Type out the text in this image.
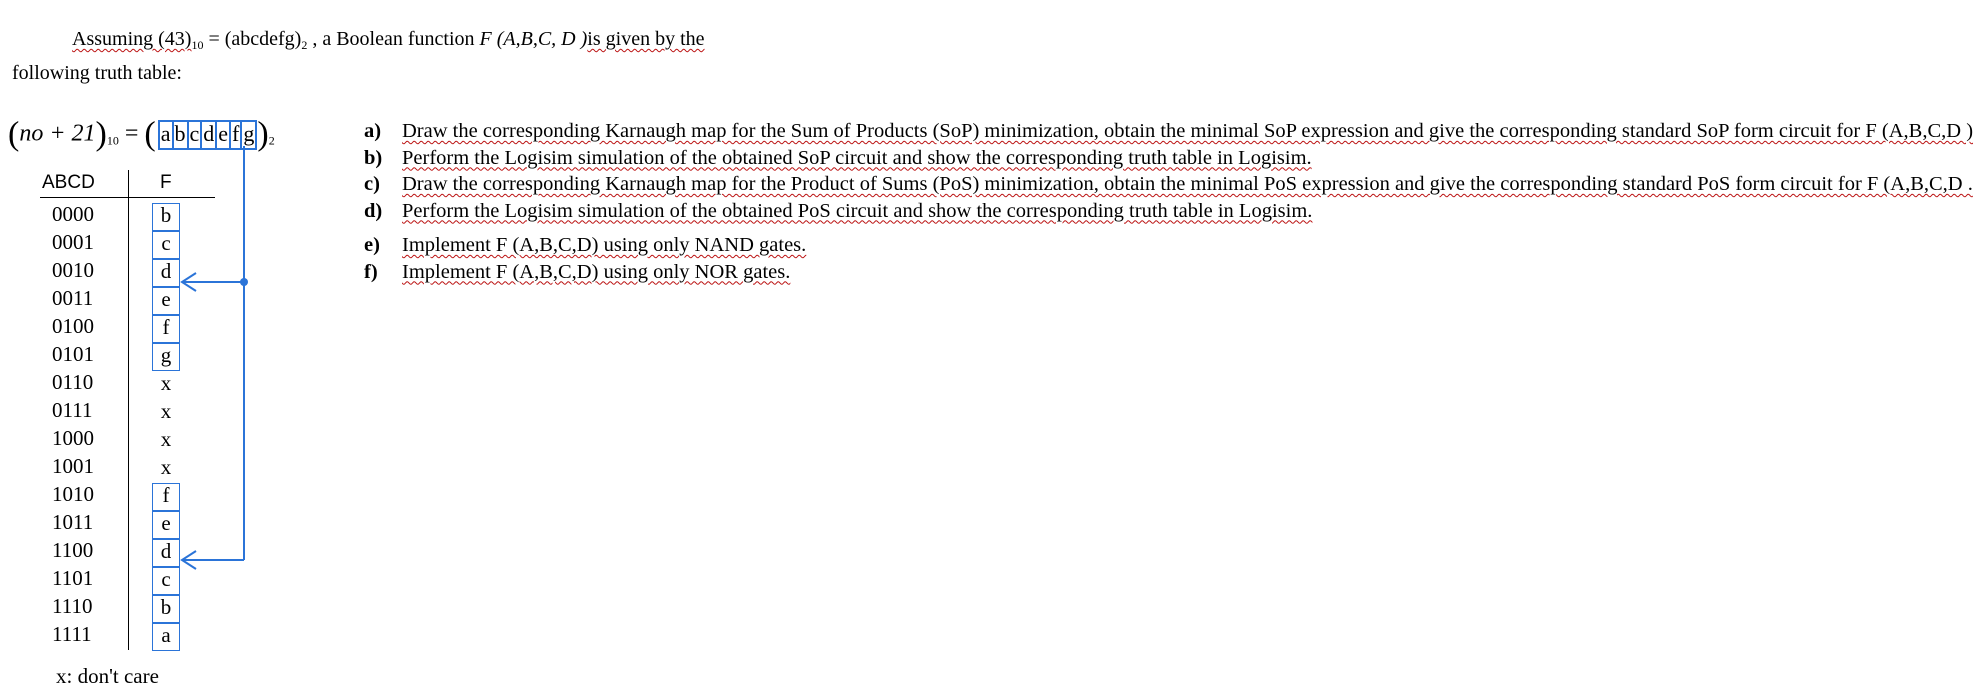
Assuming $(43)_{10}$ = $(abcdefg)_2$ , a Boolean function F (A,B,C, D )is given by the
following truth table:
$(no + 21)_{10}$ = ( a b c d e f $g)_2$
ABCD	F
0000	b
0001	c
0010	d
0011	e
0100	f
0101	g
0110	x
0111	x
1000	x
1001	x
1010	f
1011	e
1100	d
1101	c
1110	b
1111	a
x: don't care
a) Draw the corresponding Karnaugh map for the Sum of Products (SoP) minimization, obtain the minimal SoP expression and give the corresponding standard SoP form circuit for F (A,B,C,D )
b) Perform the Logisim simulation of the obtained SoP circuit and show the corresponding truth table in Logisim.
c) Draw the corresponding Karnaugh map for the Product of Sums (PoS) minimization, obtain the minimal PoS expression and give the corresponding standard PoS form circuit for F (A,B,C,D .
d) Perform the Logisim simulation of the obtained PoS circuit and show the corresponding truth table in Logisim.
e) Implement F (A,B,C,D) using only NAND gates.
f) Implement F (A,B,C,D) using only NOR gates.
